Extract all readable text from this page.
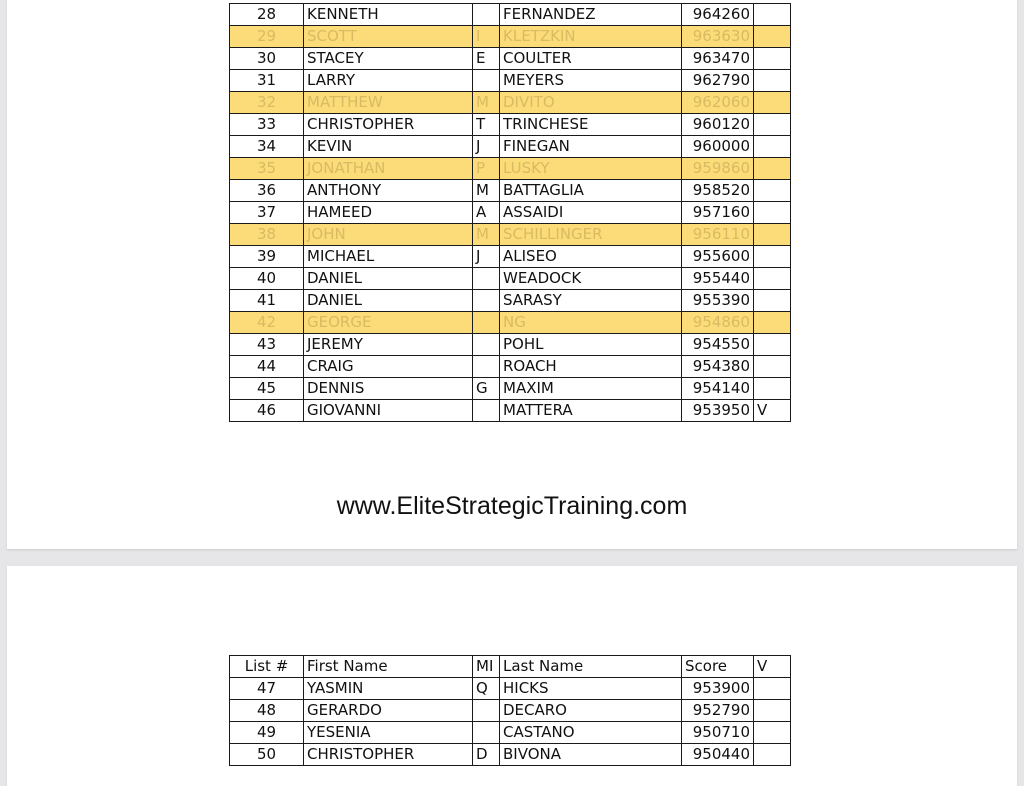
28	KENNETH		FERNANDEZ	964260	
29	SCOTT	I	KLETZKIN	963630	
30	STACEY	E	COULTER	963470	
31	LARRY		MEYERS	962790	
32	MATTHEW	M	DIVITO	962060	
33	CHRISTOPHER	T	TRINCHESE	960120	
34	KEVIN	J	FINEGAN	960000	
35	JONATHAN	P	LUSKY	959860	
36	ANTHONY	M	BATTAGLIA	958520	
37	HAMEED	A	ASSAIDI	957160	
38	JOHN	M	SCHILLINGER	956110	
39	MICHAEL	J	ALISEO	955600	
40	DANIEL		WEADOCK	955440	
41	DANIEL		SARASY	955390	
42	GEORGE		NG	954860	
43	JEREMY		POHL	954550	
44	CRAIG		ROACH	954380	
45	DENNIS	G	MAXIM	954140	
46	GIOVANNI		MATTERA	953950	V
www.EliteStrategicTraining.com
List #	First Name	MI	Last Name	Score	V
47	YASMIN	Q	HICKS	953900	
48	GERARDO		DECARO	952790	
49	YESENIA		CASTANO	950710	
50	CHRISTOPHER	D	BIVONA	950440	
